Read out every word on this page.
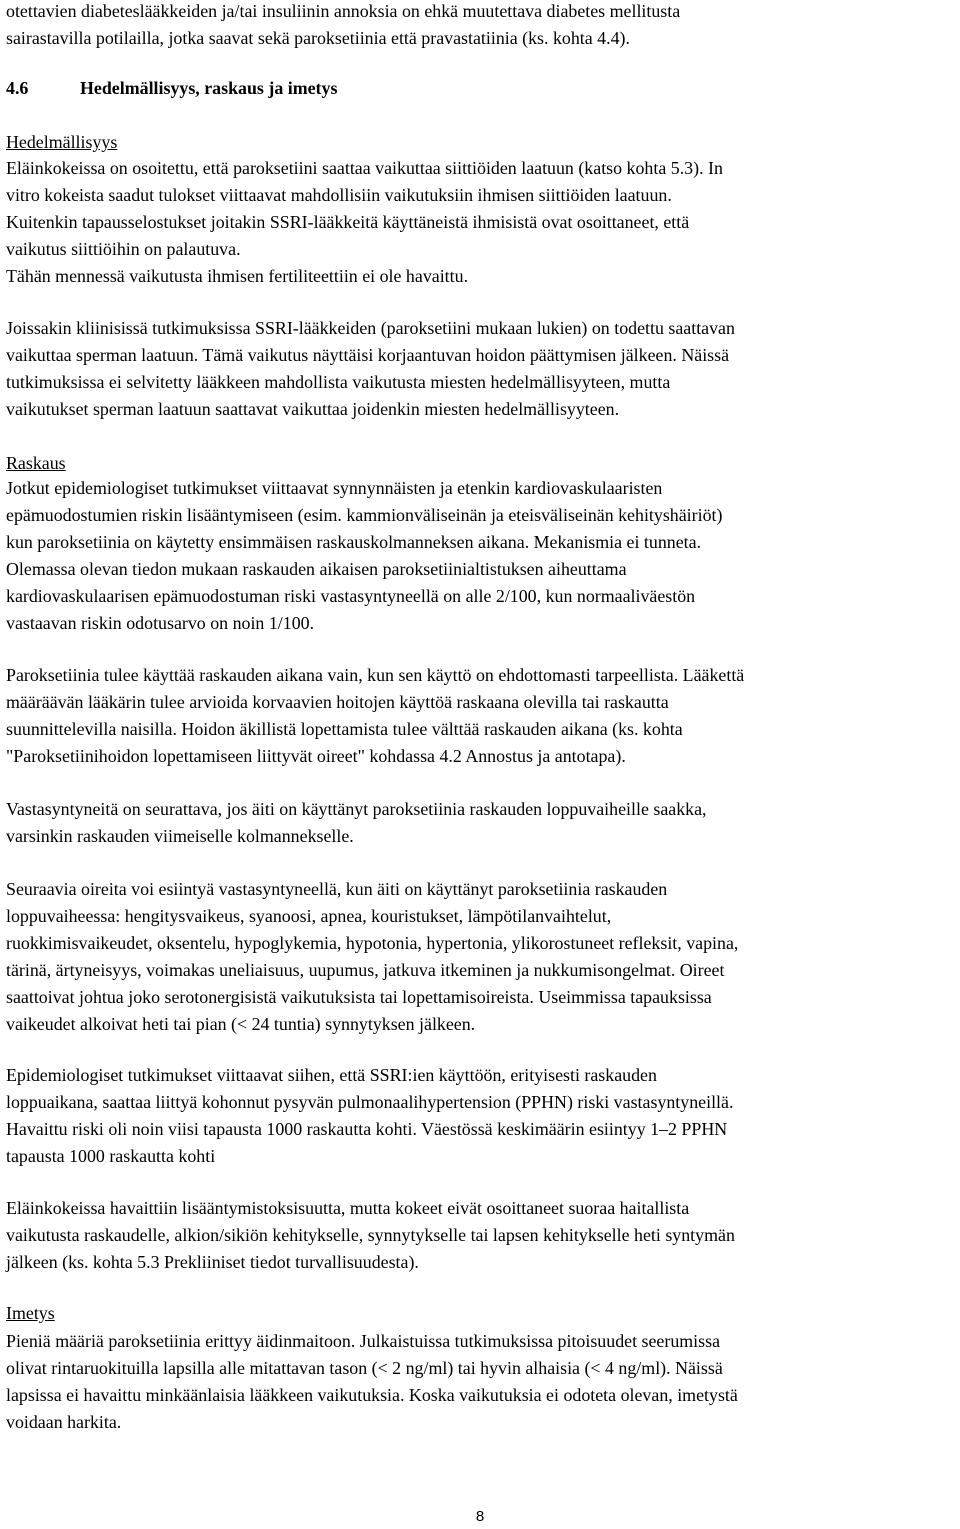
otettavien diabeteslääkkeiden ja/tai insuliinin annoksia on ehkä muutettava diabetes mellitusta
sairastavilla potilailla, jotka saavat sekä paroksetiinia että pravastatiinia (ks. kohta 4.4).
4.6	Hedelmällisyys, raskaus ja imetys
Hedelmällisyys
Eläinkokeissa on osoitettu, että paroksetiini saattaa vaikuttaa siittiöiden laatuun (katso kohta 5.3). In
vitro kokeista saadut tulokset viittaavat mahdollisiin vaikutuksiin ihmisen siittiöiden laatuun.
Kuitenkin tapausselostukset joitakin SSRI-lääkkeitä käyttäneistä ihmisistä ovat osoittaneet, että
vaikutus siittiöihin on palautuva.
Tähän mennessä vaikutusta ihmisen fertiliteettiin ei ole havaittu.
Joissakin kliinisissä tutkimuksissa SSRI-lääkkeiden (paroksetiini mukaan lukien) on todettu saattavan
vaikuttaa sperman laatuun. Tämä vaikutus näyttäisi korjaantuvan hoidon päättymisen jälkeen. Näissä
tutkimuksissa ei selvitetty lääkkeen mahdollista vaikutusta miesten hedelmällisyyteen, mutta
vaikutukset sperman laatuun saattavat vaikuttaa joidenkin miesten hedelmällisyyteen.
Raskaus
Jotkut epidemiologiset tutkimukset viittaavat synnynnäisten ja etenkin kardiovaskulaaristen
epämuodostumien riskin lisääntymiseen (esim. kammionväliseinän ja eteisväliseinän kehityshäiriöt)
kun paroksetiinia on käytetty ensimmäisen raskauskolmanneksen aikana. Mekanismia ei tunneta.
Olemassa olevan tiedon mukaan raskauden aikaisen paroksetiinialtistuksen aiheuttama
kardiovaskulaarisen epämuodostuman riski vastasyntyneellä on alle 2/100, kun normaaliväestön
vastaavan riskin odotusarvo on noin 1/100.
Paroksetiinia tulee käyttää raskauden aikana vain, kun sen käyttö on ehdottomasti tarpeellista. Lääkettä
määräävän lääkärin tulee arvioida korvaavien hoitojen käyttöä raskaana olevilla tai raskautta
suunnittelevilla naisilla. Hoidon äkillistä lopettamista tulee välttää raskauden aikana (ks. kohta
"Paroksetiinihoidon lopettamiseen liittyvät oireet" kohdassa 4.2 Annostus ja antotapa).
Vastasyntyneitä on seurattava, jos äiti on käyttänyt paroksetiinia raskauden loppuvaiheille saakka,
varsinkin raskauden viimeiselle kolmannekselle.
Seuraavia oireita voi esiintyä vastasyntyneellä, kun äiti on käyttänyt paroksetiinia raskauden
loppuvaiheessa: hengitysvaikeus, syanoosi, apnea, kouristukset, lämpötilanvaihtelut,
ruokkimisvaikeudet, oksentelu, hypoglykemia, hypotonia, hypertonia, ylikorostuneet refleksit, vapina,
tärinä, ärtyneisyys, voimakas uneliaisuus, uupumus, jatkuva itkeminen ja nukkumisongelmat. Oireet
saattoivat johtua joko serotonergisistä vaikutuksista tai lopettamisoireista. Useimmissa tapauksissa
vaikeudet alkoivat heti tai pian (< 24 tuntia) synnytyksen jälkeen.
Epidemiologiset tutkimukset viittaavat siihen, että SSRI:ien käyttöön, erityisesti raskauden
loppuaikana, saattaa liittyä kohonnut pysyvän pulmonaalihypertension (PPHN) riski vastasyntyneillä.
Havaittu riski oli noin viisi tapausta 1000 raskautta kohti. Väestössä keskimäärin esiintyy 1–2 PPHN
tapausta 1000 raskautta kohti
Eläinkokeissa havaittiin lisääntymistoksisuutta, mutta kokeet eivät osoittaneet suoraa haitallista
vaikutusta raskaudelle, alkion/sikiön kehitykselle, synnytykselle tai lapsen kehitykselle heti syntymän
jälkeen (ks. kohta 5.3 Prekliiniset tiedot turvallisuudesta).
Imetys
Pieniä määriä paroksetiinia erittyy äidinmaitoon. Julkaistuissa tutkimuksissa pitoisuudet seerumissa
olivat rintaruokituilla lapsilla alle mitattavan tason (< 2 ng/ml) tai hyvin alhaisia (< 4 ng/ml). Näissä
lapsissa ei havaittu minkäänlaisia lääkkeen vaikutuksia. Koska vaikutuksia ei odoteta olevan, imetystä
voidaan harkita.
8
